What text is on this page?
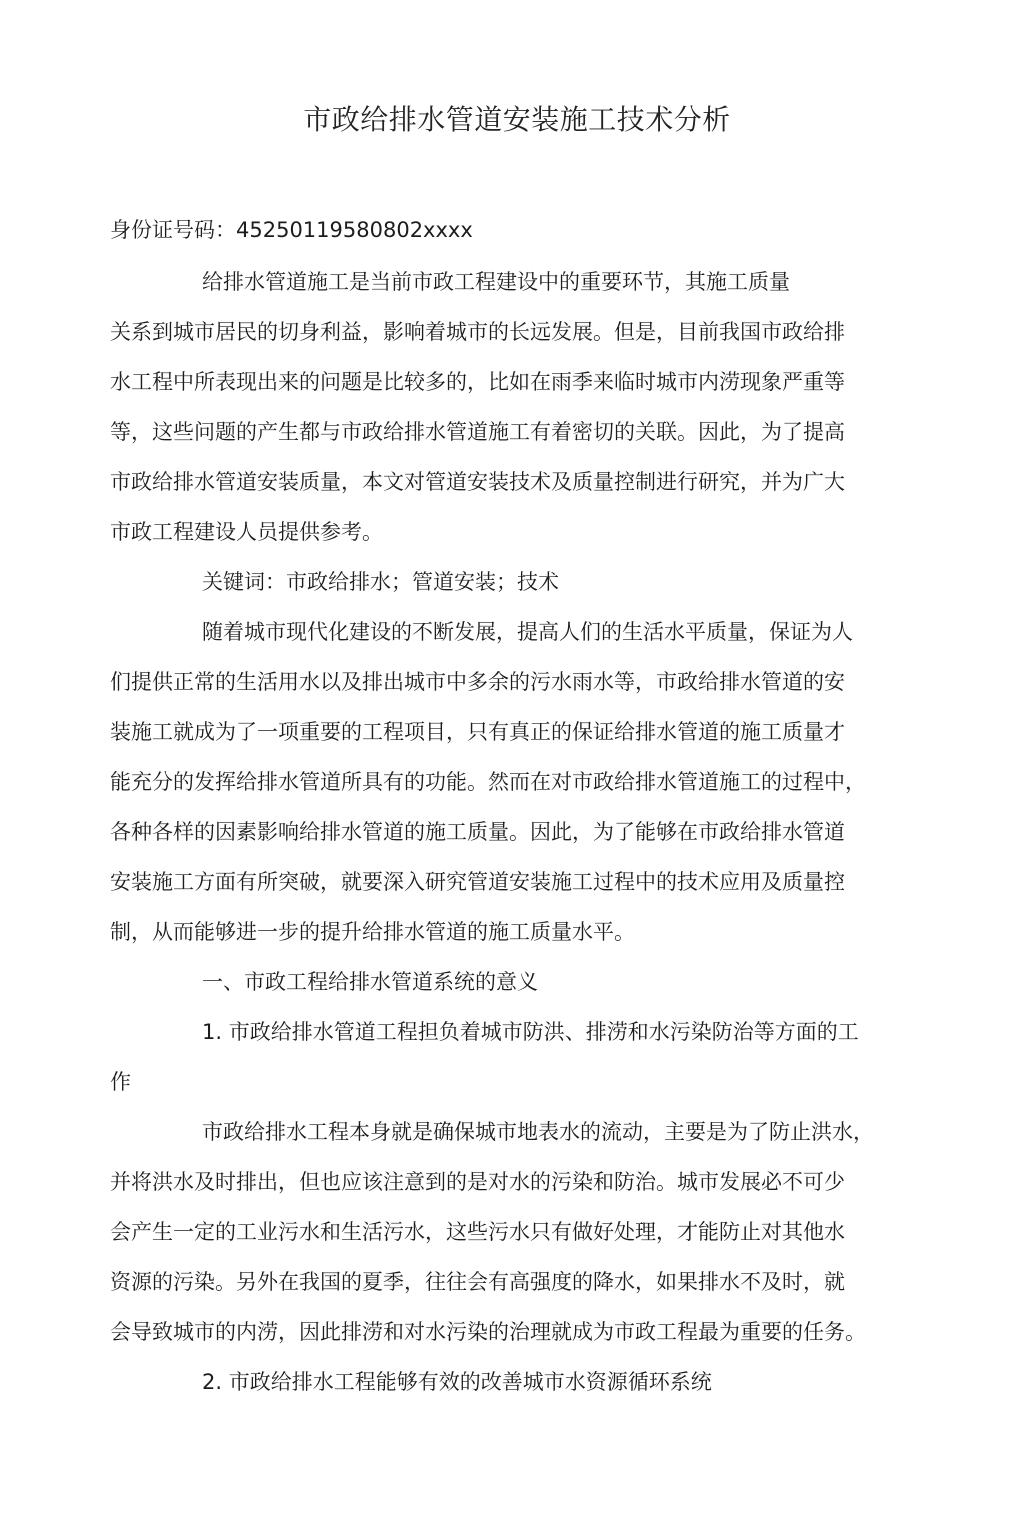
市政给排水管道安装施工技术分析
身份证号码：45250119580802xxxx
给排水管道施工是当前市政工程建设中的重要环节，其施工质量
关系到城市居民的切身利益，影响着城市的长远发展。但是，目前我国市政给排
水工程中所表现出来的问题是比较多的，比如在雨季来临时城市内涝现象严重等
等，这些问题的产生都与市政给排水管道施工有着密切的关联。因此，为了提高
市政给排水管道安装质量，本文对管道安装技术及质量控制进行研究，并为广大
市政工程建设人员提供参考。
关键词：市政给排水；管道安装；技术
随着城市现代化建设的不断发展，提高人们的生活水平质量，保证为人
们提供正常的生活用水以及排出城市中多余的污水雨水等，市政给排水管道的安
装施工就成为了一项重要的工程项目，只有真正的保证给排水管道的施工质量才
能充分的发挥给排水管道所具有的功能。然而在对市政给排水管道施工的过程中，
各种各样的因素影响给排水管道的施工质量。因此，为了能够在市政给排水管道
安装施工方面有所突破，就要深入研究管道安装施工过程中的技术应用及质量控
制，从而能够进一步的提升给排水管道的施工质量水平。
一、市政工程给排水管道系统的意义
1. 市政给排水管道工程担负着城市防洪、排涝和水污染防治等方面的工
作
市政给排水工程本身就是确保城市地表水的流动，主要是为了防止洪水，
并将洪水及时排出，但也应该注意到的是对水的污染和防治。城市发展必不可少
会产生一定的工业污水和生活污水，这些污水只有做好处理，才能防止对其他水
资源的污染。另外在我国的夏季，往往会有高强度的降水，如果排水不及时，就
会导致城市的内涝，因此排涝和对水污染的治理就成为市政工程最为重要的任务。
2. 市政给排水工程能够有效的改善城市水资源循环系统
